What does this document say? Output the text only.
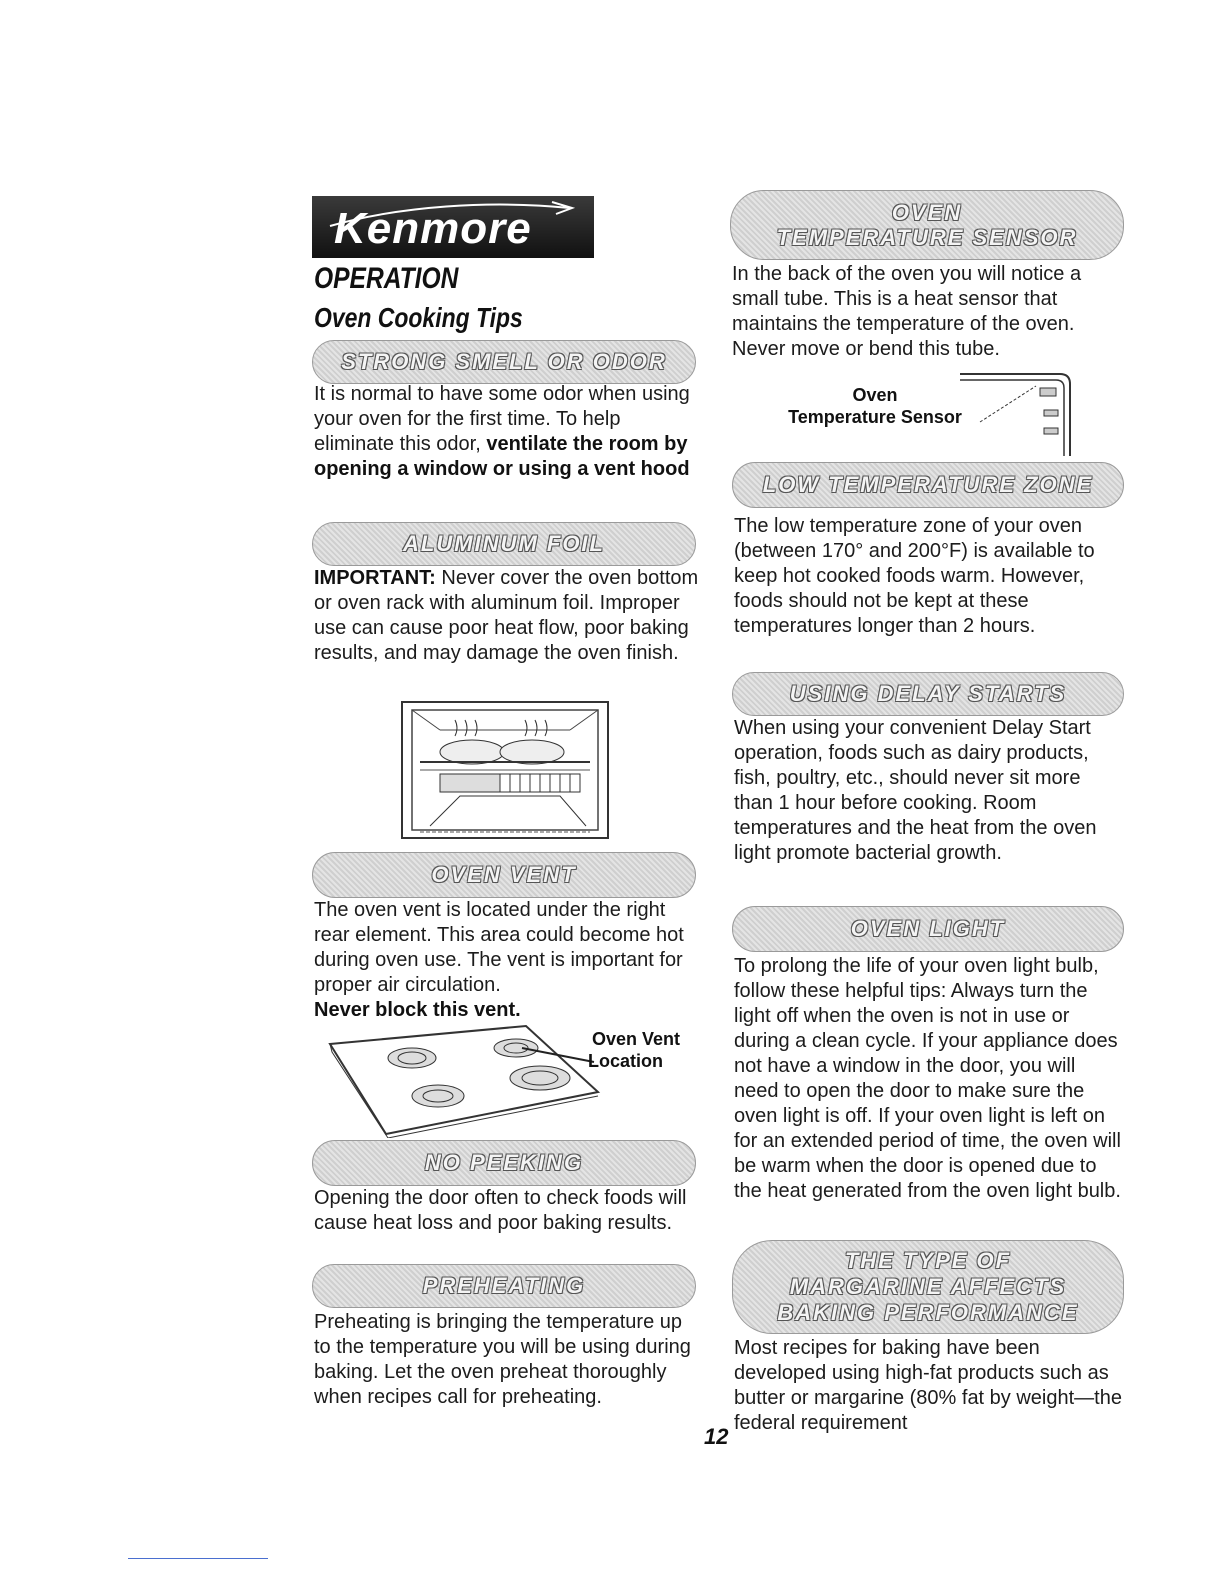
Kenmore
OPERATION
Oven Cooking Tips
STRONG SMELL OR ODOR

It is normal to have some odor when using your oven for the first time. To help eliminate this odor, ventilate the room by opening a window or using a vent hood

ALUMINUM FOIL

IMPORTANT: Never cover the oven bottom or oven rack with aluminum foil. Improper use can cause poor heat flow, poor baking results, and may damage the oven finish.

OVEN VENT

The oven vent is located under the right rear element. This area could become hot during oven use. The vent is important for proper air circulation.
Never block this vent.

Oven Vent
Location
NO PEEKING

Opening the door often to check foods will cause heat loss and poor baking results.

PREHEATING

Preheating is bringing the temperature up to the temperature you will be using during baking. Let the oven preheat thoroughly when recipes call for preheating.

OVEN
TEMPERATURE SENSOR

In the back of the oven you will notice a small tube. This is a heat sensor that maintains the temperature of the oven. Never move or bend this tube.

Oven
Temperature Sensor
LOW TEMPERATURE ZONE

The low temperature zone of your oven (between 170° and 200°F) is available to keep hot cooked foods warm. However, foods should not be kept at these temperatures longer than 2 hours.

USING DELAY STARTS

When using your convenient Delay Start operation, foods such as dairy products, fish, poultry, etc., should never sit more than 1 hour before cooking. Room temperatures and the heat from the oven light promote bacterial growth.

OVEN LIGHT

To prolong the life of your oven light bulb, follow these helpful tips: Always turn the light off when the oven is not in use or during a clean cycle. If your appliance does not have a window in the door, you will need to open the door to make sure the oven light is off. If your oven light is left on for an extended period of time, the oven will be warm when the door is opened due to the heat generated from the oven light bulb.

THE TYPE OF
MARGARINE AFFECTS
BAKING PERFORMANCE

Most recipes for baking have been developed using high-fat products such as butter or margarine (80% fat by weight—the federal requirement

12
